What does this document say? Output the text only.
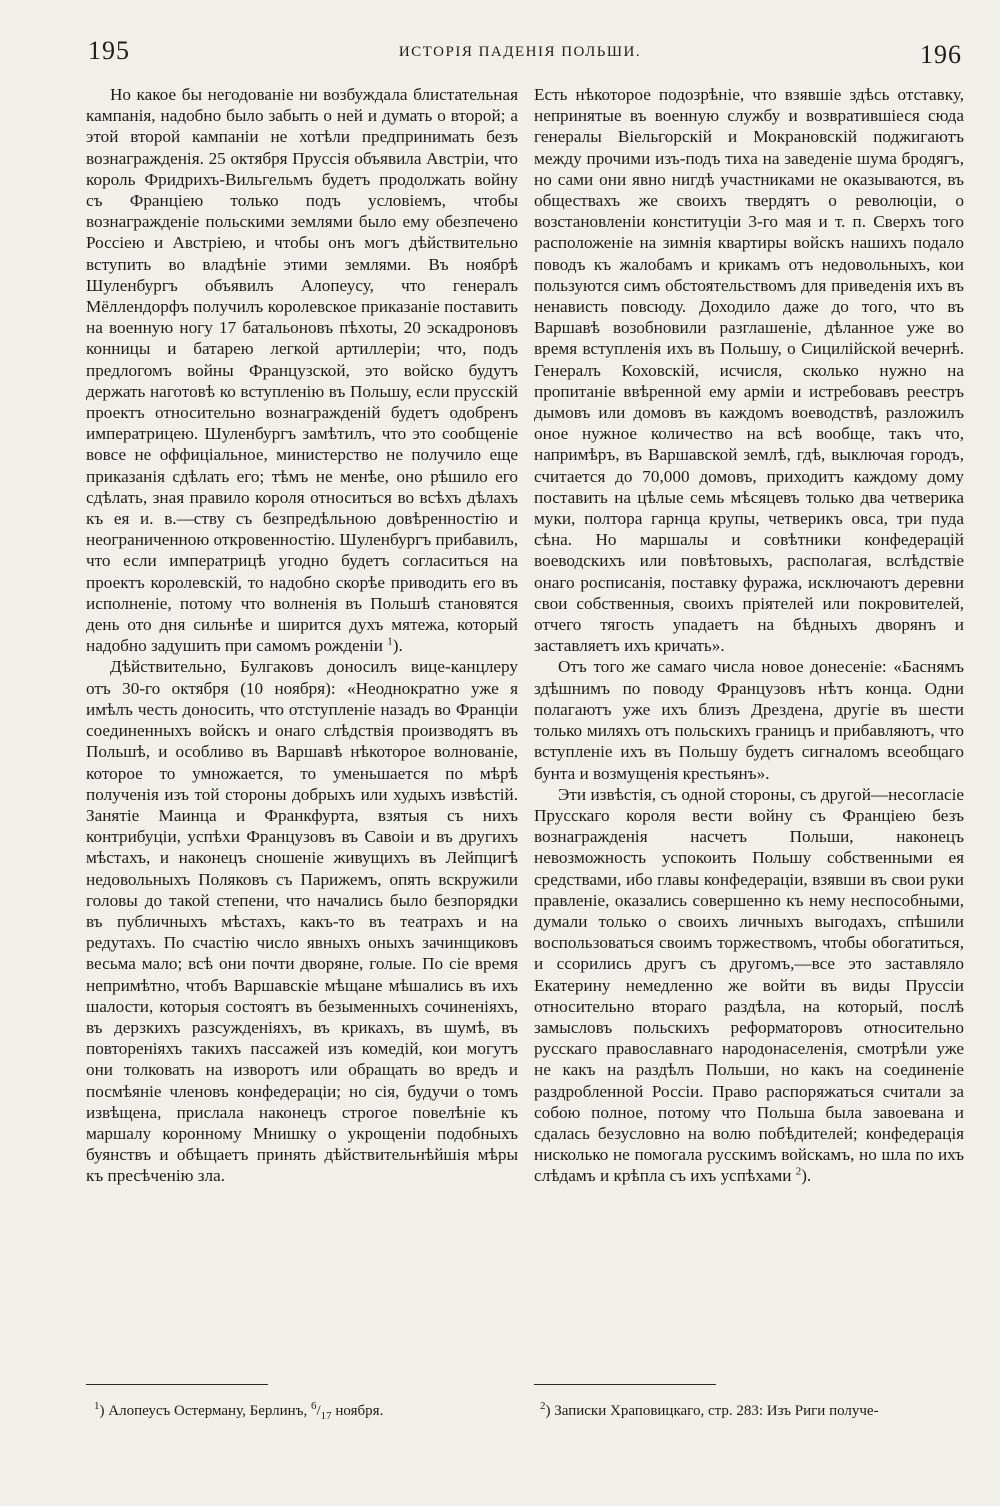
195	ИСТОРІЯ ПАДЕНІЯ ПОЛЬШИ.	196

Но какое бы негодованіе ни возбуждала блистательная кампанія, надобно было забыть о ней и думать о второй; а этой второй кампаніи не хотѣли предпринимать безъ вознагражденія. 25 октября Пруссія объявила Австріи, что король Фридрихъ-Вильгельмъ будетъ продолжать войну съ Франціею только подъ условіемъ, чтобы вознагражденіе польскими землями было ему обезпечено Россіею и Австріею, и чтобы онъ могъ дѣйствительно вступить во владѣніе этими землями. Въ ноябрѣ Шуленбургъ объявилъ Алопеусу, что генералъ Мёллендорфъ получилъ королевское приказаніе поставить на военную ногу 17 батальоновъ пѣхоты, 20 эскадроновъ конницы и батарею легкой артиллеріи; что, подъ предлогомъ войны Французской, это войско будутъ держать наготовѣ ко вступленію въ Польшу, если прусскій проектъ относительно вознагражденій будетъ одобренъ императрицею. Шуленбургъ замѣтилъ, что это сообщеніе вовсе не оффиціальное, министерство не получило еще приказанія сдѣлать его; тѣмъ не менѣе, оно рѣшило его сдѣлать, зная правило короля относиться во всѣхъ дѣлахъ къ ея и. в.—ству съ безпредѣльною довѣренностію и неограниченною откровенностію. Шуленбургъ прибавилъ, что если императрицѣ угодно будетъ согласиться на проектъ королевскій, то надобно скорѣе приводить его въ исполненіе, потому что волненія въ Польшѣ становятся день ото дня сильнѣе и ширится духъ мятежа, который надобно задушить при самомъ рожденіи $^1$).

Дѣйствительно, Булгаковъ доносилъ вице-канцлеру отъ 30-го октября (10 ноября): «Неоднократно уже я имѣлъ честь доносить, что отступленіе назадъ во Франціи соединенныхъ войскъ и онаго слѣдствія производятъ въ Польшѣ, и особливо въ Варшавѣ нѣкоторое волнованіе, которое то умножается, то уменьшается по мѣрѣ полученія изъ той стороны добрыхъ или худыхъ извѣстій. Занятіе Маинца и Франкфурта, взятыя съ нихъ контрибуціи, успѣхи Французовъ въ Савоіи и въ другихъ мѣстахъ, и наконецъ сношеніе живущихъ въ Лейпцигѣ недовольныхъ Поляковъ съ Парижемъ, опять вскружили головы до такой степени, что начались было безпорядки въ публичныхъ мѣстахъ, какъ-то въ театрахъ и на редутахъ. По счастію число явныхъ оныхъ зачинщиковъ весьма мало; всѣ они почти дворяне, голые. По сіе время непримѣтно, чтобъ Варшавскіе мѣщане мѣшались въ ихъ шалости, которыя состоятъ въ безыменныхъ сочиненіяхъ, въ дерзкихъ разсужденіяхъ, въ крикахъ, въ шумѣ, въ повтореніяхъ такихъ пассажей изъ комедій, кои могутъ они толковать на изворотъ или обращать во вредъ и посмѣяніе членовъ конфедераціи; но сія, будучи о томъ извѣщена, прислала наконецъ строгое повелѣніе къ маршалу коронному Мнишку о укрощеніи подобныхъ буянствъ и обѣщаетъ принять дѣйствительнѣйшія мѣры къ пресѣченію зла.

Есть нѣкоторое подозрѣніе, что взявшіе здѣсь отставку, непринятые въ военную службу и возвратившіеся сюда генералы Віельгорскій и Мокрановскій поджигаютъ между прочими изъ-подъ тиха на заведеніе шума бродягъ, но сами они явно нигдѣ участниками не оказываются, въ обществахъ же своихъ твердятъ о революціи, о возстановленіи конституціи 3-го мая и т. п. Сверхъ того расположеніе на зимнія квартиры войскъ нашихъ подало поводъ къ жалобамъ и крикамъ отъ недовольныхъ, кои пользуются симъ обстоятельствомъ для приведенія ихъ въ ненависть повсюду. Доходило даже до того, что въ Варшавѣ возобновили разглашеніе, дѣланное уже во время вступленія ихъ въ Польшу, о Сицилійской вечернѣ. Генералъ Коховскій, исчисля, сколько нужно на пропитаніе ввѣренной ему арміи и истребовавъ реестръ дымовъ или домовъ въ каждомъ воеводствѣ, разложилъ оное нужное количество на всѣ вообще, такъ что, напримѣръ, въ Варшавской землѣ, гдѣ, выключая городъ, считается до 70,000 домовъ, приходитъ каждому дому поставить на цѣлые семь мѣсяцевъ только два четверика муки, полтора гарнца крупы, четверикъ овса, три пуда сѣна. Но маршалы и совѣтники конфедерацій воеводскихъ или повѣтовыхъ, располагая, вслѣдствіе онаго росписанія, поставку фуража, исключаютъ деревни свои собственныя, своихъ пріятелей или покровителей, отчего тягость упадаетъ на бѣдныхъ дворянъ и заставляетъ ихъ кричать».

Отъ того же самаго числа новое донесеніе: «Баснямъ здѣшнимъ по поводу Французовъ нѣтъ конца. Одни полагаютъ уже ихъ близъ Дрездена, другіе въ шести только миляхъ отъ польскихъ границъ и прибавляютъ, что вступленіе ихъ въ Польшу будетъ сигналомъ всеобщаго бунта и возмущенія крестьянъ».

Эти извѣстія, съ одной стороны, съ другой—несогласіе Прусскаго короля вести войну съ Франціею безъ вознагражденія насчетъ Польши, наконецъ невозможность успокоить Польшу собственными ея средствами, ибо главы конфедераціи, взявши въ свои руки правленіе, оказались совершенно къ нему неспособными, думали только о своихъ личныхъ выгодахъ, спѣшили воспользоваться своимъ торжествомъ, чтобы обогатиться, и ссорились другъ съ другомъ,—все это заставляло Екатерину немедленно же войти въ виды Пруссіи относительно втораго раздѣла, на который, послѣ замысловъ польскихъ реформаторовъ относительно русскаго православнаго народонаселенія, смотрѣли уже не какъ на раздѣлъ Польши, но какъ на соединеніе раздробленной Россіи. Право распоряжаться считали за собою полное, потому что Польша была завоевана и сдалась безусловно на волю побѣдителей; конфедерація нисколько не помогала русскимъ войскамъ, но шла по ихъ слѣдамъ и крѣпла съ ихъ успѣхами $^2$).

$^1$) Алопеусъ Остерману, Берлинъ, $^6/_{17}$ ноября.	$^2$) Записки Храповицкаго, стр. 283: Изъ Риги получе-
